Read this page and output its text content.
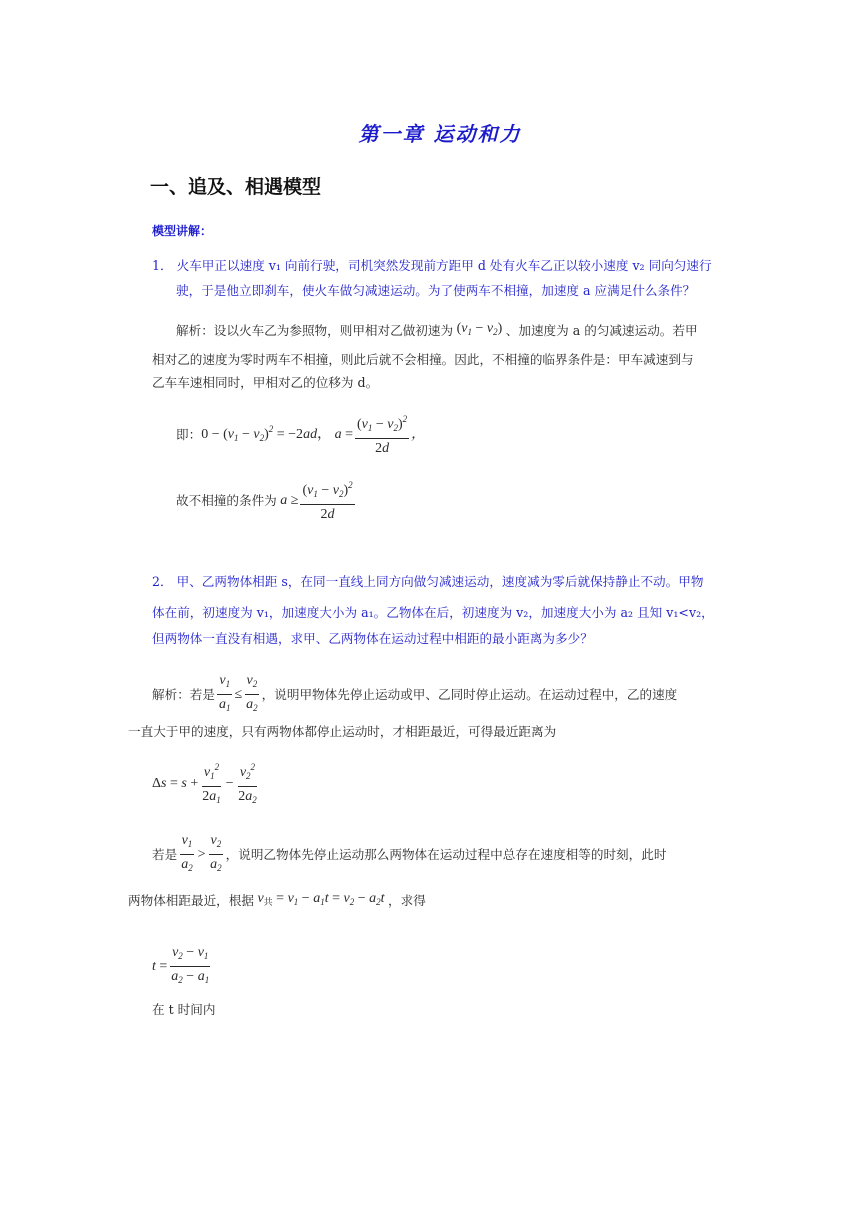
第一章 运动和力
一、追及、相遇模型
模型讲解：
1． 火车甲正以速度 v₁ 向前行驶，司机突然发现前方距甲 d 处有火车乙正以较小速度 v₂ 同向匀速行
驶，于是他立即刹车，使火车做匀减速运动。为了使两车不相撞，加速度 a 应满足什么条件？
解析：设以火车乙为参照物，则甲相对乙做初速为 $(v_1 - v_2)$ 、加速度为 a 的匀减速运动。若甲
相对乙的速度为零时两车不相撞，则此后就不会相撞。因此，不相撞的临界条件是：甲车减速到与
乙车车速相同时，甲相对乙的位移为 d。
即： $0 - (v_1 - v_2)^2 = -2ad$， $a = \frac{(v_1 - v_2)^2}{2d}$ ，
故不相撞的条件为 $a \ge \frac{(v_1 - v_2)^2}{2d}$
2． 甲、乙两物体相距 s，在同一直线上同方向做匀减速运动，速度减为零后就保持静止不动。甲物
体在前，初速度为 v₁，加速度大小为 a₁。乙物体在后，初速度为 v₂，加速度大小为 a₂ 且知 v₁<v₂，
但两物体一直没有相遇，求甲、乙两物体在运动过程中相距的最小距离为多少？
解析：若是 $\frac{v_1}{a_1} \le \frac{v_2}{a_2}$ ，说明甲物体先停止运动或甲、乙同时停止运动。在运动过程中，乙的速度
一直大于甲的速度，只有两物体都停止运动时，才相距最近，可得最近距离为
$\Delta s = s + \frac{v_1^2}{2a_1} - \frac{v_2^2}{2a_2}$
若是 $\frac{v_1}{a_2} > \frac{v_2}{a_2}$ ，说明乙物体先停止运动那么两物体在运动过程中总存在速度相等的时刻，此时
两物体相距最近，根据 $v_共 = v_1 - a_1t = v_2 - a_2t$ ，求得
$t = \frac{v_2 - v_1}{a_2 - a_1}$
在 t 时间内
